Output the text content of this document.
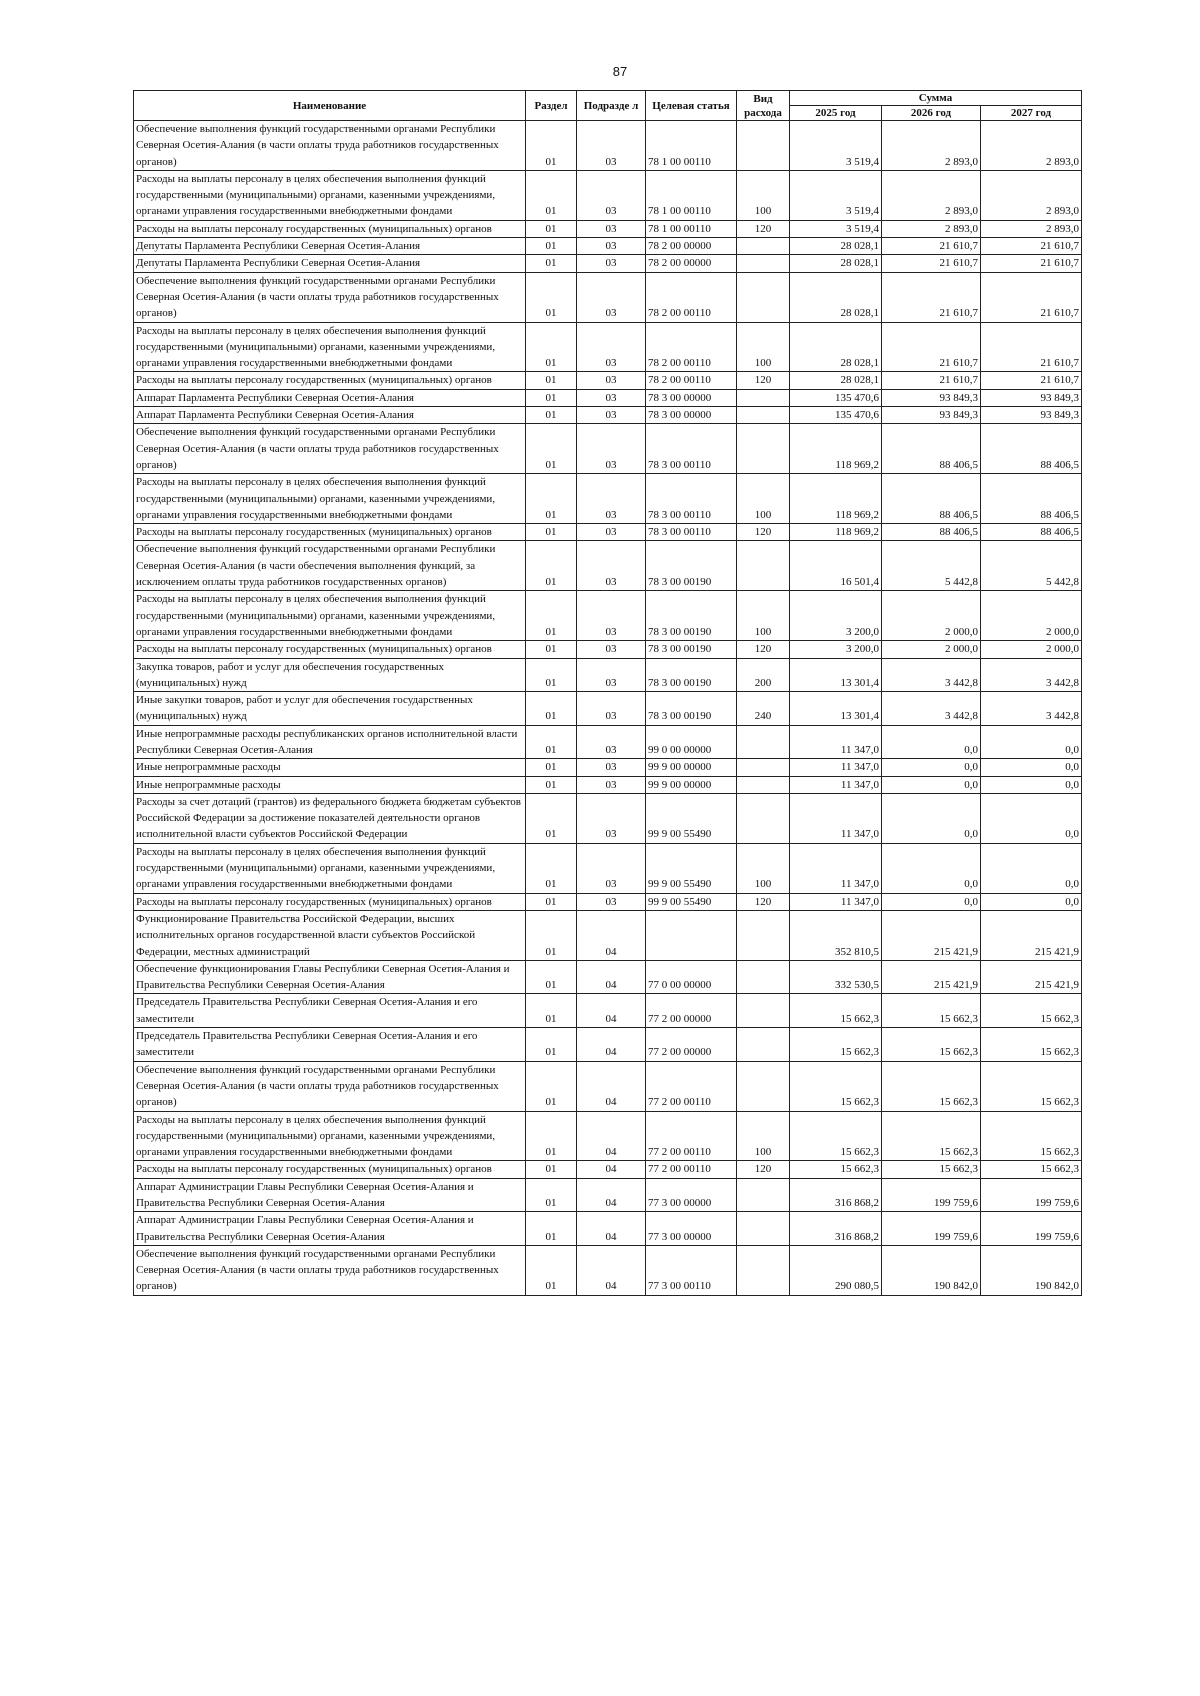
87
Наименование	Раздел	Подразде л	Целевая статья	Вид расхода	Сумма		
					2025 год	2026 год	2027 год
Обеспечение выполнения функций государственными органами Республики Северная Осетия-Алания (в части оплаты труда работников государственных органов)	01	03	78 1 00 00110		3 519,4	2 893,0	2 893,0
Расходы на выплаты персоналу в целях обеспечения выполнения функций государственными (муниципальными) органами, казенными учреждениями, органами управления государственными внебюджетными фондами	01	03	78 1 00 00110	100	3 519,4	2 893,0	2 893,0
Расходы на выплаты персоналу государственных (муниципальных) органов	01	03	78 1 00 00110	120	3 519,4	2 893,0	2 893,0
Депутаты Парламента Республики Северная Осетия-Алания	01	03	78 2 00 00000		28 028,1	21 610,7	21 610,7
Депутаты Парламента Республики Северная Осетия-Алания	01	03	78 2 00 00000		28 028,1	21 610,7	21 610,7
Обеспечение выполнения функций государственными органами Республики Северная Осетия-Алания (в части оплаты труда работников государственных органов)	01	03	78 2 00 00110		28 028,1	21 610,7	21 610,7
Расходы на выплаты персоналу в целях обеспечения выполнения функций государственными (муниципальными) органами, казенными учреждениями, органами управления государственными внебюджетными фондами	01	03	78 2 00 00110	100	28 028,1	21 610,7	21 610,7
Расходы на выплаты персоналу государственных (муниципальных) органов	01	03	78 2 00 00110	120	28 028,1	21 610,7	21 610,7
Аппарат Парламента Республики Северная Осетия-Алания	01	03	78 3 00 00000		135 470,6	93 849,3	93 849,3
Аппарат Парламента Республики Северная Осетия-Алания	01	03	78 3 00 00000		135 470,6	93 849,3	93 849,3
Обеспечение выполнения функций государственными органами Республики Северная Осетия-Алания (в части оплаты труда работников государственных органов)	01	03	78 3 00 00110		118 969,2	88 406,5	88 406,5
Расходы на выплаты персоналу в целях обеспечения выполнения функций государственными (муниципальными) органами, казенными учреждениями, органами управления государственными внебюджетными фондами	01	03	78 3 00 00110	100	118 969,2	88 406,5	88 406,5
Расходы на выплаты персоналу государственных (муниципальных) органов	01	03	78 3 00 00110	120	118 969,2	88 406,5	88 406,5
Обеспечение выполнения функций государственными органами Республики Северная Осетия-Алания (в части обеспечения выполнения функций, за исключением оплаты труда работников государственных органов)	01	03	78 3 00 00190		16 501,4	5 442,8	5 442,8
Расходы на выплаты персоналу в целях обеспечения выполнения функций государственными (муниципальными) органами, казенными учреждениями, органами управления государственными внебюджетными фондами	01	03	78 3 00 00190	100	3 200,0	2 000,0	2 000,0
Расходы на выплаты персоналу государственных (муниципальных) органов	01	03	78 3 00 00190	120	3 200,0	2 000,0	2 000,0
Закупка товаров, работ и услуг для обеспечения государственных (муниципальных) нужд	01	03	78 3 00 00190	200	13 301,4	3 442,8	3 442,8
Иные закупки товаров, работ и услуг для обеспечения государственных (муниципальных) нужд	01	03	78 3 00 00190	240	13 301,4	3 442,8	3 442,8
Иные непрограммные расходы республиканских органов исполнительной власти Республики Северная Осетия-Алания	01	03	99 0 00 00000		11 347,0	0,0	0,0
Иные непрограммные расходы	01	03	99 9 00 00000		11 347,0	0,0	0,0
Иные непрограммные расходы	01	03	99 9 00 00000		11 347,0	0,0	0,0
Расходы за счет дотаций (грантов) из федерального бюджета бюджетам субъектов Российской Федерации за достижение показателей деятельности органов исполнительной власти субъектов Российской Федерации	01	03	99 9 00 55490		11 347,0	0,0	0,0
Расходы на выплаты персоналу в целях обеспечения выполнения функций государственными (муниципальными) органами, казенными учреждениями, органами управления государственными внебюджетными фондами	01	03	99 9 00 55490	100	11 347,0	0,0	0,0
Расходы на выплаты персоналу государственных (муниципальных) органов	01	03	99 9 00 55490	120	11 347,0	0,0	0,0
Функционирование Правительства Российской Федерации, высших исполнительных органов государственной власти субъектов Российской Федерации, местных администраций	01	04			352 810,5	215 421,9	215 421,9
Обеспечение функционирования Главы Республики Северная Осетия-Алания и Правительства Республики Северная Осетия-Алания	01	04	77 0 00 00000		332 530,5	215 421,9	215 421,9
Председатель Правительства Республики Северная Осетия-Алания и его заместители	01	04	77 2 00 00000		15 662,3	15 662,3	15 662,3
Председатель Правительства Республики Северная Осетия-Алания и его заместители	01	04	77 2 00 00000		15 662,3	15 662,3	15 662,3
Обеспечение выполнения функций государственными органами Республики Северная Осетия-Алания (в части оплаты труда работников государственных органов)	01	04	77 2 00 00110		15 662,3	15 662,3	15 662,3
Расходы на выплаты персоналу в целях обеспечения выполнения функций государственными (муниципальными) органами, казенными учреждениями, органами управления государственными внебюджетными фондами	01	04	77 2 00 00110	100	15 662,3	15 662,3	15 662,3
Расходы на выплаты персоналу государственных (муниципальных) органов	01	04	77 2 00 00110	120	15 662,3	15 662,3	15 662,3
Аппарат Администрации Главы Республики Северная Осетия-Алания и Правительства Республики Северная Осетия-Алания	01	04	77 3 00 00000		316 868,2	199 759,6	199 759,6
Аппарат Администрации Главы Республики Северная Осетия-Алания и Правительства Республики Северная Осетия-Алания	01	04	77 3 00 00000		316 868,2	199 759,6	199 759,6
Обеспечение выполнения функций государственными органами Республики Северная Осетия-Алания (в части оплаты труда работников государственных органов)	01	04	77 3 00 00110		290 080,5	190 842,0	190 842,0
